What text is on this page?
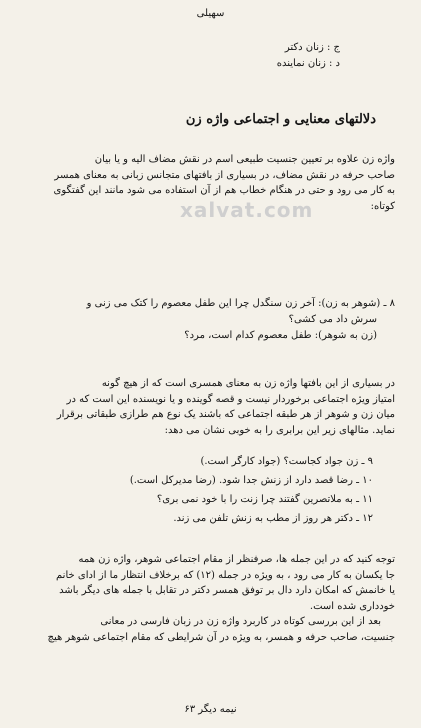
سهیلی
ج : زنان دکتر
د : زنان نماینده
دلالتهای معنایی و اجتماعی واژه زن
واژه زن علاوه بر تعیین جنسیت طبیعی اسم در نقش مضاف الیه و یا بیان
صاحب حرفه در نقش مضاف، در بسیاری از بافتهای متجانس زبانی به معنای همسر
به کار می رود و حتی در هنگام خطاب هم از آن استفاده می شود مانند این گفتگوی
کوتاه:
xalvat.com
۸ ـ (شوهر به زن): آخر زن سنگدل چرا این طفل معصوم را کتک می زنی و
سرش داد می کشی؟
(زن به شوهر): طفل معصوم کدام است، مرد؟
در بسیاری از این بافتها واژه زن به معنای همسری است که از هیچ گونه
امتیاز ویژه اجتماعی برخوردار نیست و قصه گوینده و یا نویسنده این است که در
میان زن و شوهر از هر طبقه اجتماعی که باشند یک نوع هم طرازی طبقاتی برقرار
نماید. مثالهای زیر این برابری را به خوبی نشان می دهد:
۹ ـ زن جواد کجاست؟ (جواد کارگر است.)
۱۰ ـ رضا قصد دارد از زنش جدا شود. (رضا مدیرکل است.)
۱۱ ـ به ملاتصرین گفتند چرا زنت را با خود نمی بری؟
۱۲ ـ دکتر هر روز از مطب به زنش تلفن می زند.
توجه کنید که در این جمله ها، صرفنظر از مقام اجتماعی شوهر، واژه زن همه
جا یکسان به کار می رود ، به ویژه در جمله (۱۲) که برخلاف انتظار ما از ادای خانم
یا خانمش که امکان دارد دال بر توفق همسر دکتر در تقابل با جمله های دیگر باشد
خودداری شده است.
بعد از این بررسی کوتاه در کاربرد واژه زن در زبان فارسی در معانی
جنسیت، صاحب حرفه و همسر، به ویژه در آن شرایطی که مقام اجتماعی شوهر هیچ
نیمه دیگر ۶۳
